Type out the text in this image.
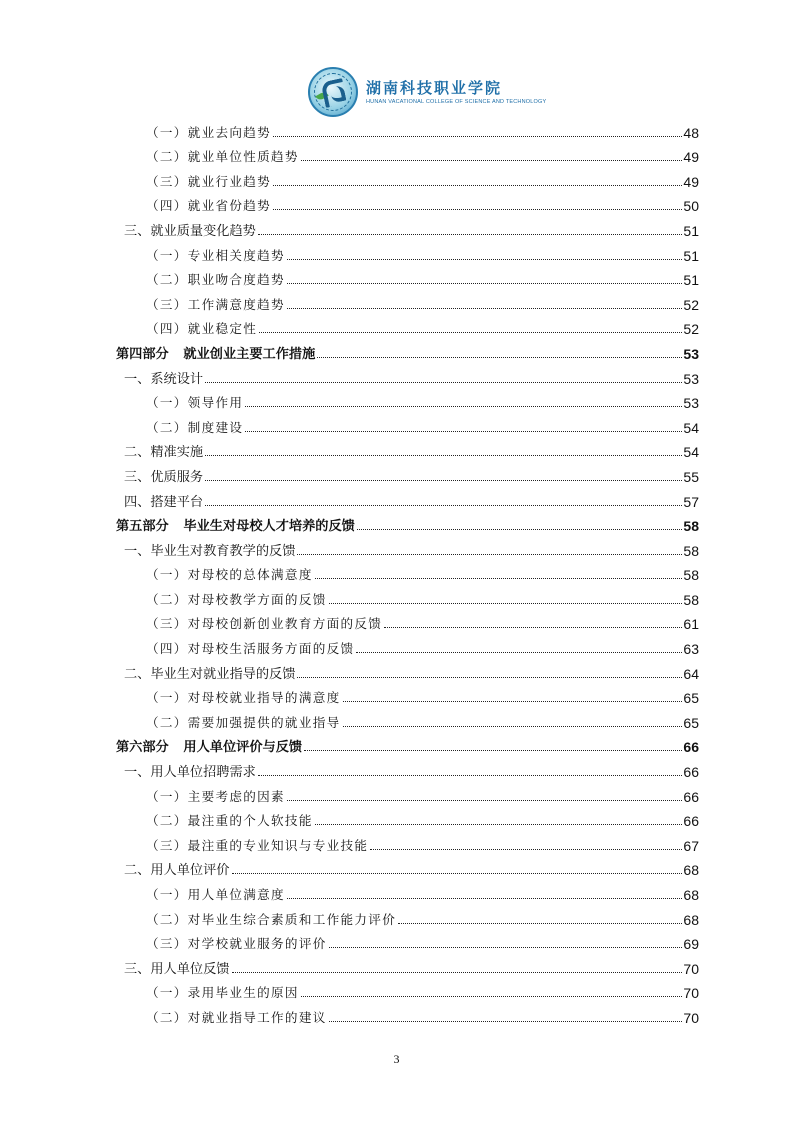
湖南科技职业学院
HUNAN VACATIONAL COLLEGE OF SCIENCE AND TECHNOLOGY
（一）就业去向趋势	48
（二）就业单位性质趋势	49
（三）就业行业趋势	49
（四）就业省份趋势	50
三、就业质量变化趋势	51
（一）专业相关度趋势	51
（二）职业吻合度趋势	51
（三）工作满意度趋势	52
（四）就业稳定性	52
第四部分    就业创业主要工作措施	53
一、系统设计	53
（一）领导作用	53
（二）制度建设	54
二、精准实施	54
三、优质服务	55
四、搭建平台	57
第五部分    毕业生对母校人才培养的反馈	58
一、毕业生对教育教学的反馈	58
（一）对母校的总体满意度	58
（二）对母校教学方面的反馈	58
（三）对母校创新创业教育方面的反馈	61
（四）对母校生活服务方面的反馈	63
二、毕业生对就业指导的反馈	64
（一）对母校就业指导的满意度	65
（二）需要加强提供的就业指导	65
第六部分    用人单位评价与反馈	66
一、用人单位招聘需求	66
（一）主要考虑的因素	66
（二）最注重的个人软技能	66
（三）最注重的专业知识与专业技能	67
二、用人单位评价	68
（一）用人单位满意度	68
（二）对毕业生综合素质和工作能力评价	68
（三）对学校就业服务的评价	69
三、用人单位反馈	70
（一）录用毕业生的原因	70
（二）对就业指导工作的建议	70
3
